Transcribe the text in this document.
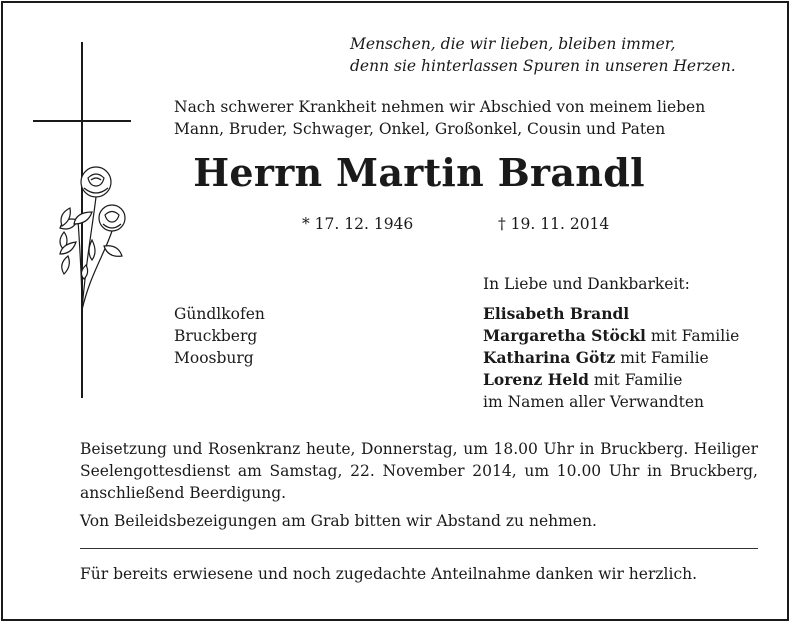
Menschen, die wir lieben, bleiben immer,
denn sie hinterlassen Spuren in unseren Herzen.
Nach schwerer Krankheit nehmen wir Abschied von meinem lieben
Mann, Bruder, Schwager, Onkel, Großonkel, Cousin und Paten
Herrn Martin Brandl
* 17. 12. 1946	† 19. 11. 2014
In Liebe und Dankbarkeit:
Gündlkofen
Bruckberg
Moosburg
Elisabeth Brandl
Margaretha Stöckl mit Familie
Katharina Götz mit Familie
Lorenz Held mit Familie
im Namen aller Verwandten
Beisetzung und Rosenkranz heute, Donnerstag, um 18.00 Uhr in Bruckberg. Heiliger Seelengottesdienst am Samstag, 22. November 2014, um 10.00 Uhr in Bruckberg, anschließend Beerdigung.
Von Beileidsbezeigungen am Grab bitten wir Abstand zu nehmen.
Für bereits erwiesene und noch zugedachte Anteilnahme danken wir herzlich.
